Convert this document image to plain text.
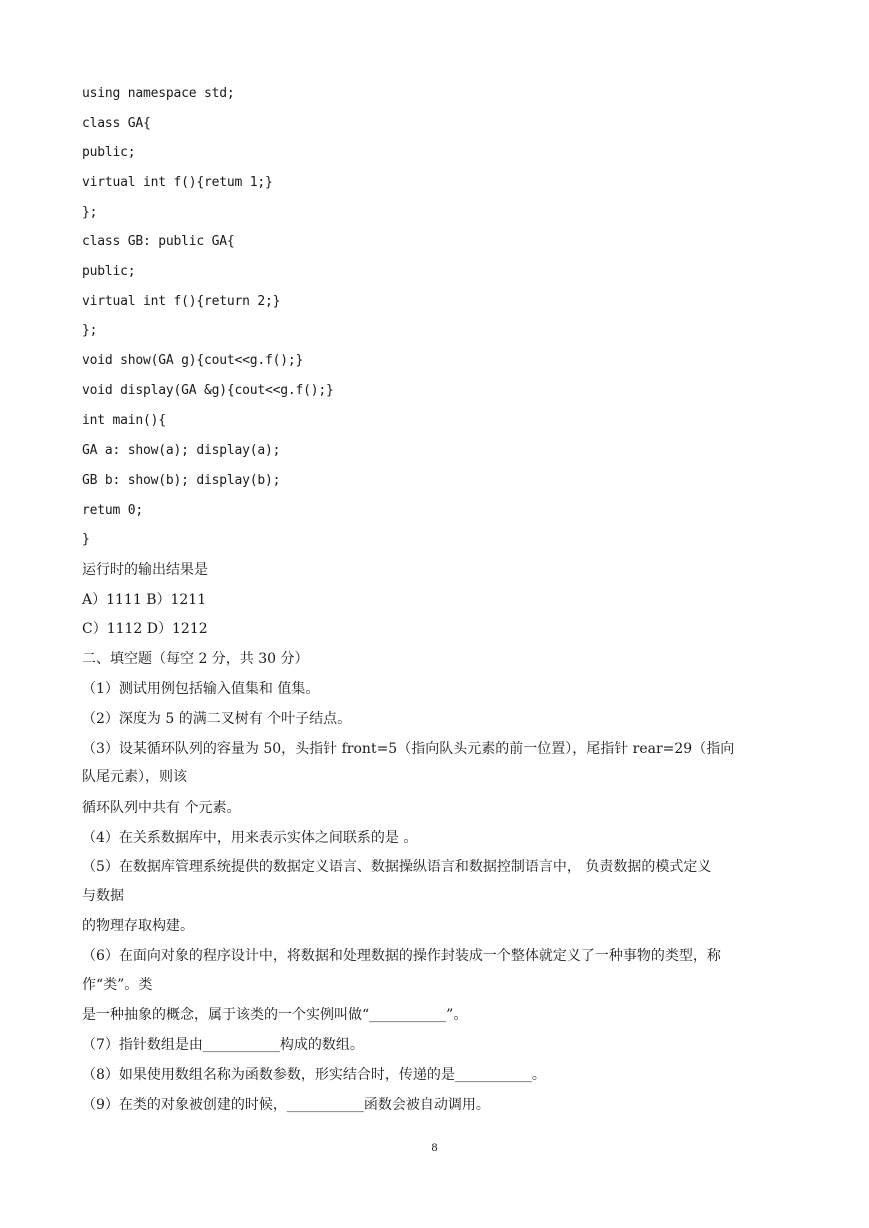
using namespace std;
class GA{
public;
virtual int f(){retum 1;}
};
class GB: public GA{
public;
virtual int f(){return 2;}
};
void show(GA g){cout<<g.f();}
void display(GA &g){cout<<g.f();}
int main(){
GA a: show(a); display(a);
GB b: show(b); display(b);
retum 0;
}
运行时的输出结果是
A）1111 B）1211
C）1112 D）1212
二、填空题（每空 2 分，共 30 分）
（1）测试用例包括输入值集和 值集。
（2）深度为 5 的满二叉树有 个叶子结点。
（3）设某循环队列的容量为 50，头指针 front=5（指向队头元素的前一位置），尾指针 rear=29（指向
队尾元素），则该
循环队列中共有 个元素。
（4）在关系数据库中，用来表示实体之间联系的是 。
（5）在数据库管理系统提供的数据定义语言、数据操纵语言和数据控制语言中， 负责数据的模式定义
与数据
的物理存取构建。
（6）在面向对象的程序设计中，将数据和处理数据的操作封装成一个整体就定义了一种事物的类型，称
作“类”。类
是一种抽象的概念，属于该类的一个实例叫做“___________”。
（7）指针数组是由___________构成的数组。
（8）如果使用数组名称为函数参数，形实结合时，传递的是___________。
（9）在类的对象被创建的时候，___________函数会被自动调用。
8
